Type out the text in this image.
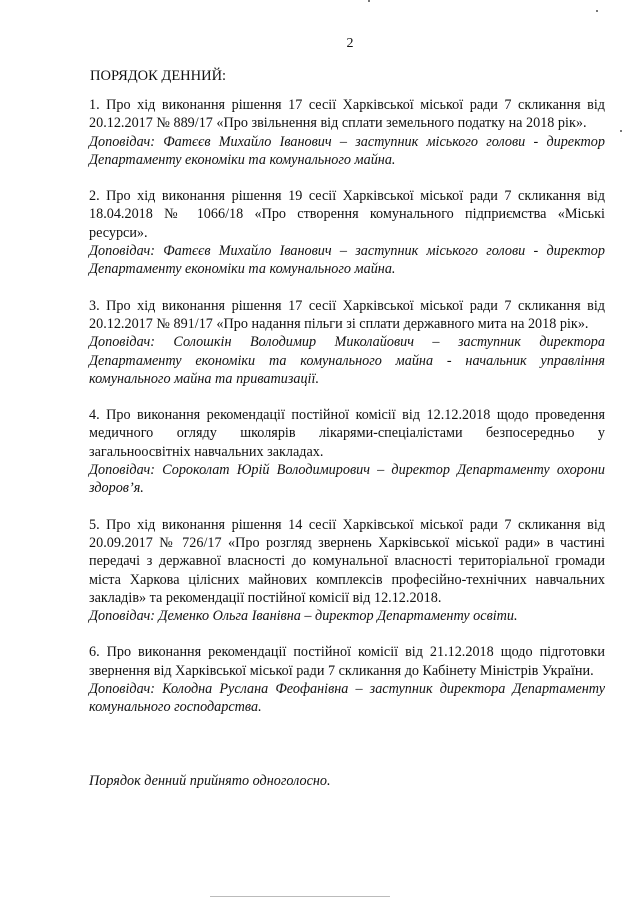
2
ПОРЯДОК ДЕННИЙ:
1. Про хід виконання рішення 17 сесії Харківської міської ради 7 скликання від 20.12.2017 № 889/17 «Про звільнення від сплати земельного податку на 2018 рік».
Доповідач: Фатєєв Михайло Іванович – заступник міського голови - директор Департаменту економіки та комунального майна.
2. Про хід виконання рішення 19 сесії Харківської міської ради 7 скликання від 18.04.2018 № 1066/18 «Про створення комунального підприємства «Міські ресурси».
Доповідач: Фатєєв Михайло Іванович – заступник міського голови - директор Департаменту економіки та комунального майна.
3. Про хід виконання рішення 17 сесії Харківської міської ради 7 скликання від 20.12.2017 № 891/17 «Про надання пільги зі сплати державного мита на 2018 рік».
Доповідач: Солошкін Володимир Миколайович – заступник директора Департаменту економіки та комунального майна - начальник управління комунального майна та приватизації.
4. Про виконання рекомендації постійної комісії від 12.12.2018 щодо проведення медичного огляду школярів лікарями-спеціалістами безпосередньо у загальноосвітніх навчальних закладах.
Доповідач: Сороколат Юрій Володимирович – директор Департаменту охорони здоров’я.
5. Про хід виконання рішення 14 сесії Харківської міської ради 7 скликання від 20.09.2017 № 726/17 «Про розгляд звернень Харківської міської ради» в частині передачі з державної власності до комунальної власності територіальної громади міста Харкова цілісних майнових комплексів професійно-технічних навчальних закладів» та рекомендації постійної комісії від 12.12.2018.
Доповідач: Деменко Ольга Іванівна – директор Департаменту освіти.
6. Про виконання рекомендації постійної комісії від 21.12.2018 щодо підготовки звернення від Харківської міської ради 7 скликання до Кабінету Міністрів України.
Доповідач: Колодна Руслана Феофанівна – заступник директора Департаменту комунального господарства.
Порядок денний прийнято одноголосно.
